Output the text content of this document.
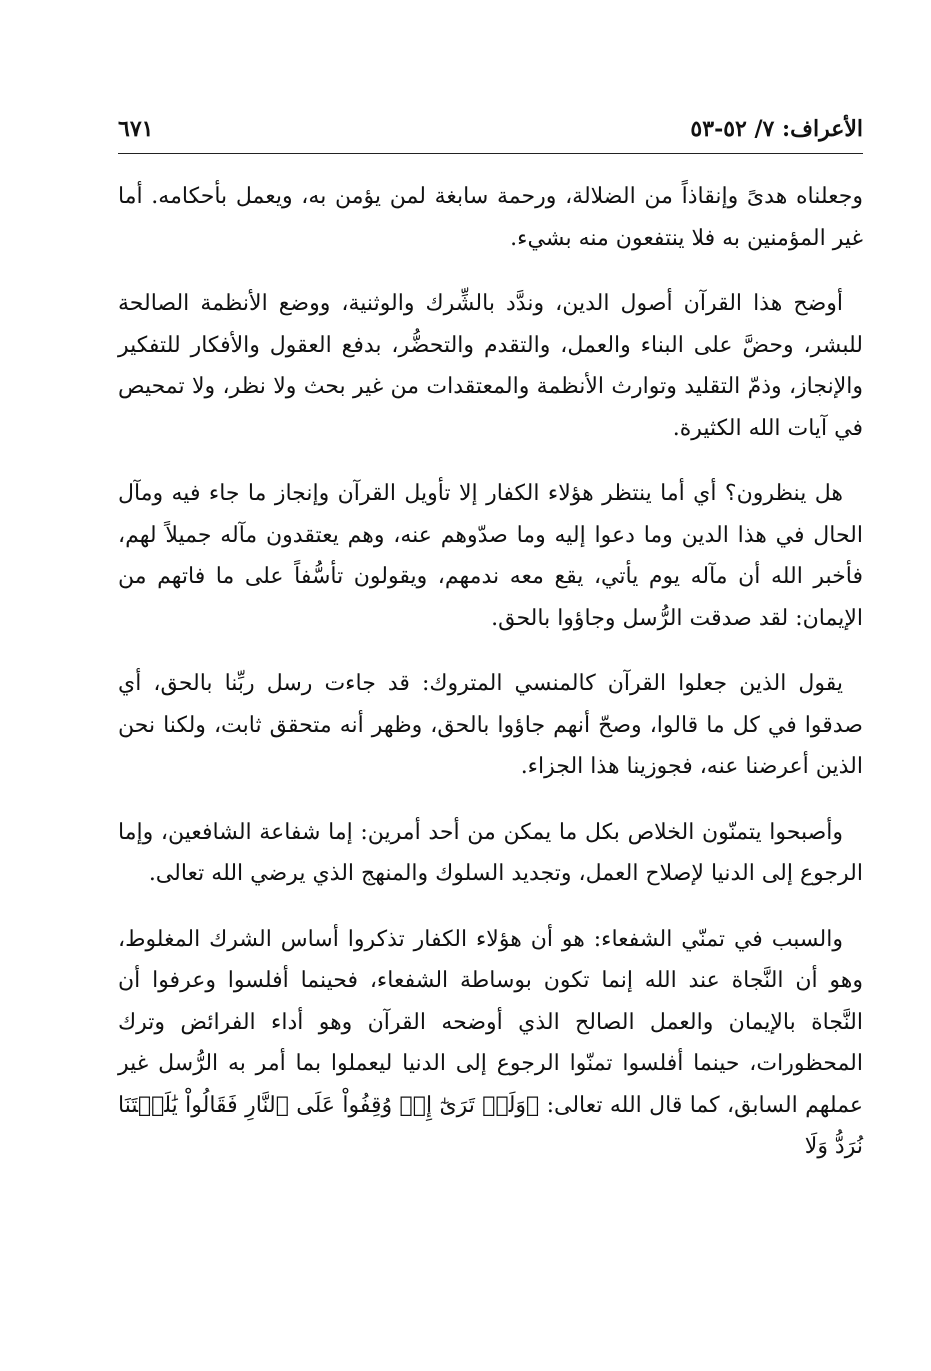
الأعراف: ٧/ ٥٢-٥٣
٦٧١

وجعلناه هدىً وإنقاذاً من الضلالة، ورحمة سابغة لمن يؤمن به، ويعمل بأحكامه. أما غير المؤمنين به فلا ينتفعون منه بشيء.

أوضح هذا القرآن أصول الدين، وندَّد بالشِّرك والوثنية، ووضع الأنظمة الصالحة للبشر، وحضَّ على البناء والعمل، والتقدم والتحضُّر، بدفع العقول والأفكار للتفكير والإنجاز، وذمّ التقليد وتوارث الأنظمة والمعتقدات من غير بحث ولا نظر، ولا تمحيص في آيات الله الكثيرة.

هل ينظرون؟ أي أما ينتظر هؤلاء الكفار إلا تأويل القرآن وإنجاز ما جاء فيه ومآل الحال في هذا الدين وما دعوا إليه وما صدّوهم عنه، وهم يعتقدون مآله جميلاً لهم، فأخبر الله أن مآله يوم يأتي، يقع معه ندمهم، ويقولون تأسُّفاً على ما فاتهم من الإيمان: لقد صدقت الرُّسل وجاؤوا بالحق.

يقول الذين جعلوا القرآن كالمنسي المتروك: قد جاءت رسل ربِّنا بالحق، أي صدقوا في كل ما قالوا، وصحّ أنهم جاؤوا بالحق، وظهر أنه متحقق ثابت، ولكنا نحن الذين أعرضنا عنه، فجوزينا هذا الجزاء.

وأصبحوا يتمنّون الخلاص بكل ما يمكن من أحد أمرين: إما شفاعة الشافعين، وإما الرجوع إلى الدنيا لإصلاح العمل، وتجديد السلوك والمنهج الذي يرضي الله تعالى.

والسبب في تمنّي الشفعاء: هو أن هؤلاء الكفار تذكروا أساس الشرك المغلوط، وهو أن النَّجاة عند الله إنما تكون بوساطة الشفعاء، فحينما أفلسوا وعرفوا أن النَّجاة بالإيمان والعمل الصالح الذي أوضحه القرآن وهو أداء الفرائض وترك المحظورات، حينما أفلسوا تمنّوا الرجوع إلى الدنيا ليعملوا بما أمر به الرُّسل غير عملهم السابق، كما قال الله تعالى: ﴿وَلَوۡ تَرَىٰٓ إِذۡ وُقِفُواْ عَلَى ٱلنَّارِ فَقَالُواْ يَٰلَيۡتَنَا نُرَدُّ وَلَا
